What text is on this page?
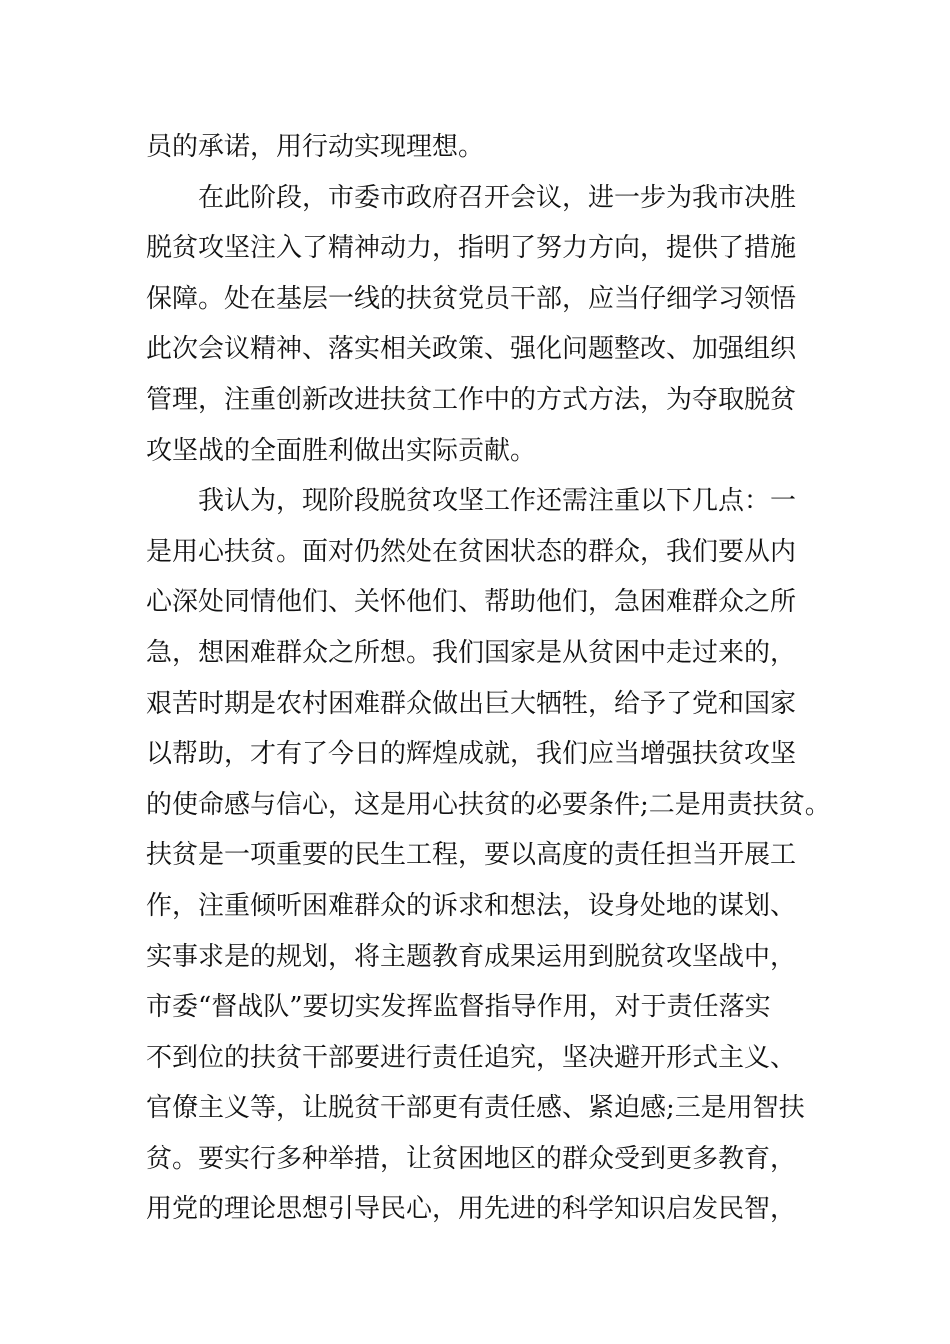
员的承诺，用行动实现理想。
在此阶段，市委市政府召开会议，进一步为我市决胜
脱贫攻坚注入了精神动力，指明了努力方向，提供了措施
保障。处在基层一线的扶贫党员干部，应当仔细学习领悟
此次会议精神、落实相关政策、强化问题整改、加强组织
管理，注重创新改进扶贫工作中的方式方法，为夺取脱贫
攻坚战的全面胜利做出实际贡献。
我认为，现阶段脱贫攻坚工作还需注重以下几点：一
是用心扶贫。面对仍然处在贫困状态的群众，我们要从内
心深处同情他们、关怀他们、帮助他们，急困难群众之所
急，想困难群众之所想。我们国家是从贫困中走过来的，
艰苦时期是农村困难群众做出巨大牺牲，给予了党和国家
以帮助，才有了今日的辉煌成就，我们应当增强扶贫攻坚
的使命感与信心，这是用心扶贫的必要条件;二是用责扶贫。
扶贫是一项重要的民生工程，要以高度的责任担当开展工
作，注重倾听困难群众的诉求和想法，设身处地的谋划、
实事求是的规划，将主题教育成果运用到脱贫攻坚战中，
市委“督战队”要切实发挥监督指导作用，对于责任落实
不到位的扶贫干部要进行责任追究，坚决避开形式主义、
官僚主义等，让脱贫干部更有责任感、紧迫感;三是用智扶
贫。要实行多种举措，让贫困地区的群众受到更多教育，
用党的理论思想引导民心，用先进的科学知识启发民智，
